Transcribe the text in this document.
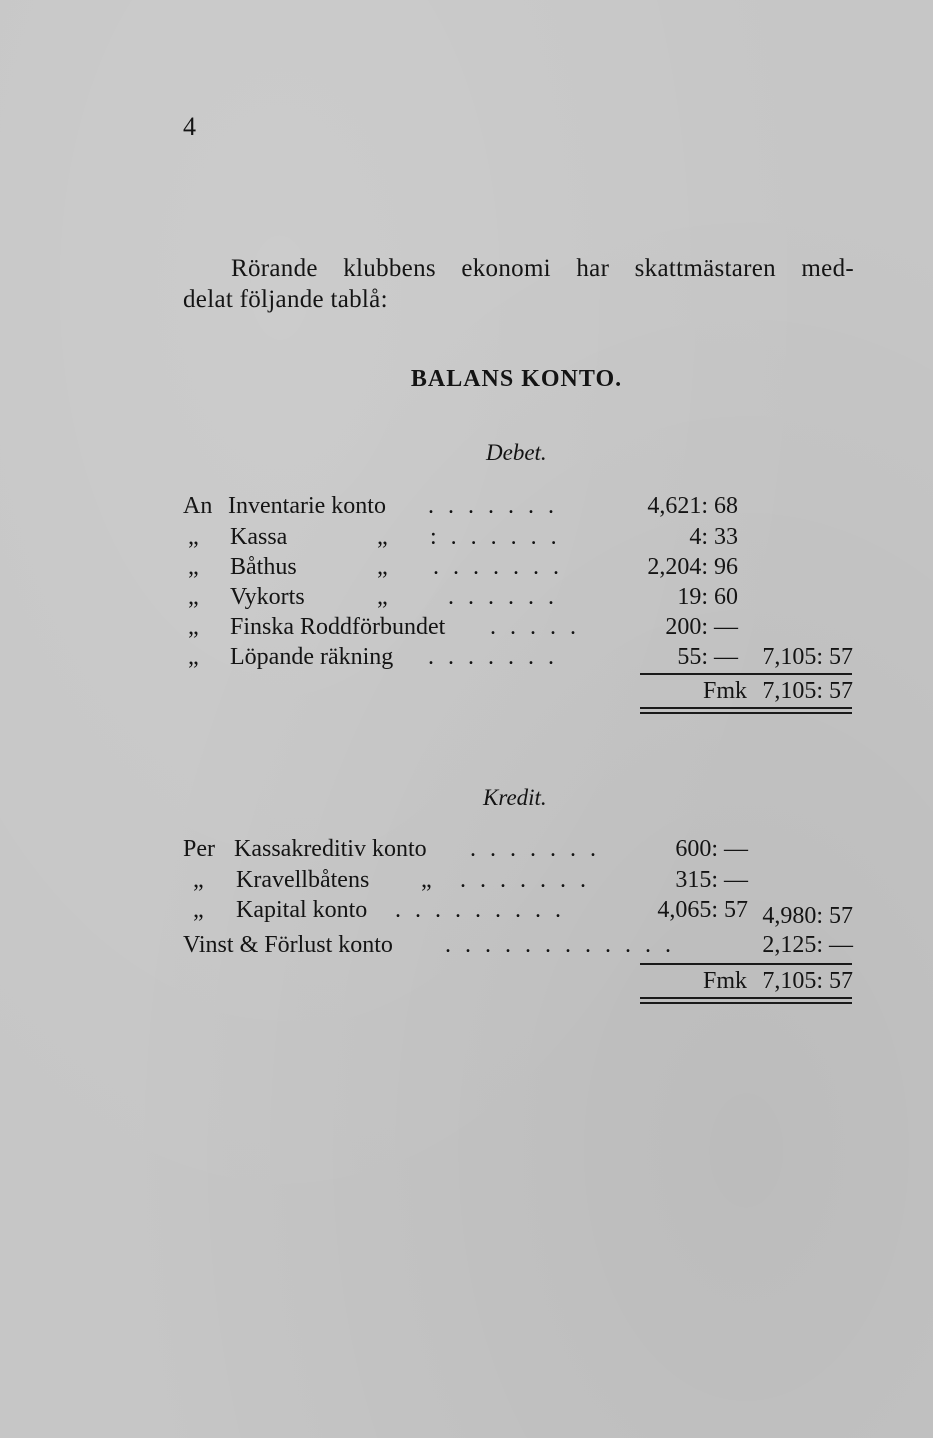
4
Rörande klubbens ekonomi har skattmästaren med-
delat följande tablå:
BALANS KONTO.
Debet.
An Inventarie konto . . . . . . .	4,621: 68
„ Kassa	„ : . . . . . .	4: 33
„ Båthus	„ . . . . . . .	2,204: 96
„ Vykorts	„	. . . . . .	19: 60
„ Finska Roddförbundet . . . . .	200: —
„ Löpande räkning . . . . . . .	55: —	7,105: 57
Fmk 7,105: 57
Kredit.
Per Kassakreditiv konto . . . . . . .	600: —
„ Kravellbåtens „ . . . . . . .	315: —
„ Kapital konto . . . . . . . . .	4,065: 57 4,980: 57
Vinst & Förlust konto . . . . . . . . . . . .	2,125: —
Fmk 7,105: 57
